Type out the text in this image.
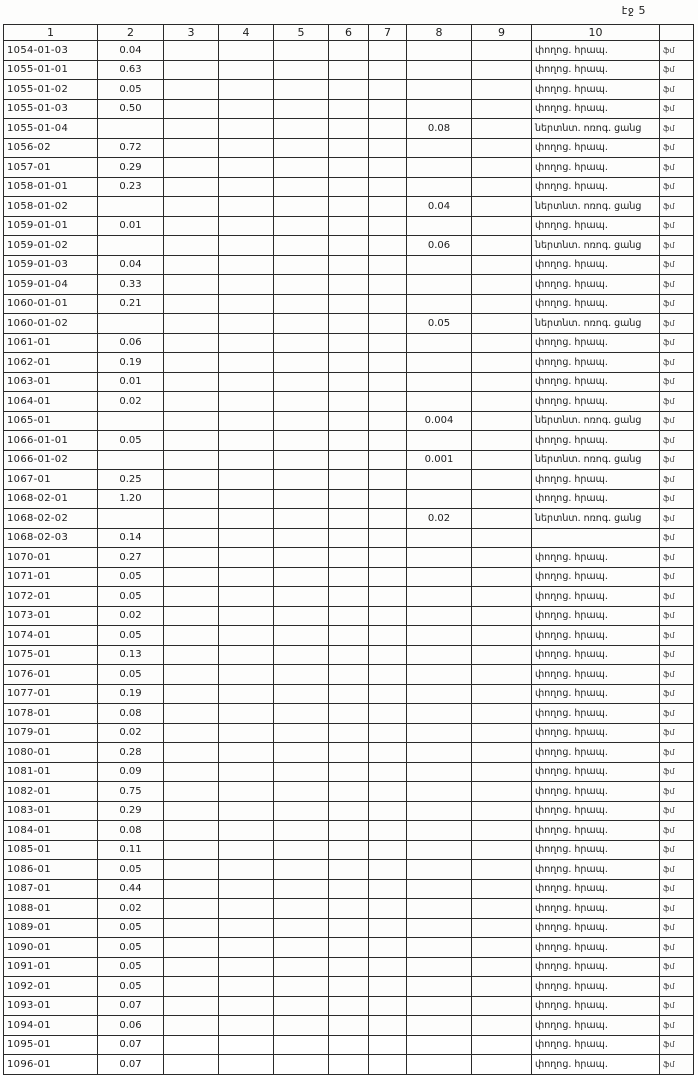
էջ 5
1	2	3	4	5	6	7	8	9	10	
1054-01-03	0.04								փողոց. հրապ.	ֆմ
1055-01-01	0.63								փողոց. հրապ.	ֆմ
1055-01-02	0.05								փողոց. հրապ.	ֆմ
1055-01-03	0.50								փողոց. հրապ.	ֆմ
1055-01-04							0.08		ներտնտ. ոռոգ. ցանց	ֆմ
1056-02	0.72								փողոց. հրապ.	ֆմ
1057-01	0.29								փողոց. հրապ.	ֆմ
1058-01-01	0.23								փողոց. հրապ.	ֆմ
1058-01-02							0.04		ներտնտ. ոռոգ. ցանց	ֆմ
1059-01-01	0.01								փողոց. հրապ.	ֆմ
1059-01-02							0.06		ներտնտ. ոռոգ. ցանց	ֆմ
1059-01-03	0.04								փողոց. հրապ.	ֆմ
1059-01-04	0.33								փողոց. հրապ.	ֆմ
1060-01-01	0.21								փողոց. հրապ.	ֆմ
1060-01-02							0.05		ներտնտ. ոռոգ. ցանց	ֆմ
1061-01	0.06								փողոց. հրապ.	ֆմ
1062-01	0.19								փողոց. հրապ.	ֆմ
1063-01	0.01								փողոց. հրապ.	ֆմ
1064-01	0.02								փողոց. հրապ.	ֆմ
1065-01							0.004		ներտնտ. ոռոգ. ցանց	ֆմ
1066-01-01	0.05								փողոց. հրապ.	ֆմ
1066-01-02							0.001		ներտնտ. ոռոգ. ցանց	ֆմ
1067-01	0.25								փողոց. հրապ.	ֆմ
1068-02-01	1.20								փողոց. հրապ.	ֆմ
1068-02-02							0.02		ներտնտ. ոռոգ. ցանց	ֆմ
1068-02-03	0.14									ֆմ
1070-01	0.27								փողոց. հրապ.	ֆմ
1071-01	0.05								փողոց. հրապ.	ֆմ
1072-01	0.05								փողոց. հրապ.	ֆմ
1073-01	0.02								փողոց. հրապ.	ֆմ
1074-01	0.05								փողոց. հրապ.	ֆմ
1075-01	0.13								փողոց. հրապ.	ֆմ
1076-01	0.05								փողոց. հրապ.	ֆմ
1077-01	0.19								փողոց. հրապ.	ֆմ
1078-01	0.08								փողոց. հրապ.	ֆմ
1079-01	0.02								փողոց. հրապ.	ֆմ
1080-01	0.28								փողոց. հրապ.	ֆմ
1081-01	0.09								փողոց. հրապ.	ֆմ
1082-01	0.75								փողոց. հրապ.	ֆմ
1083-01	0.29								փողոց. հրապ.	ֆմ
1084-01	0.08								փողոց. հրապ.	ֆմ
1085-01	0.11								փողոց. հրապ.	ֆմ
1086-01	0.05								փողոց. հրապ.	ֆմ
1087-01	0.44								փողոց. հրապ.	ֆմ
1088-01	0.02								փողոց. հրապ.	ֆմ
1089-01	0.05								փողոց. հրապ.	ֆմ
1090-01	0.05								փողոց. հրապ.	ֆմ
1091-01	0.05								փողոց. հրապ.	ֆմ
1092-01	0.05								փողոց. հրապ.	ֆմ
1093-01	0.07								փողոց. հրապ.	ֆմ
1094-01	0.06								փողոց. հրապ.	ֆմ
1095-01	0.07								փողոց. հրապ.	ֆմ
1096-01	0.07								փողոց. հրապ.	ֆմ
